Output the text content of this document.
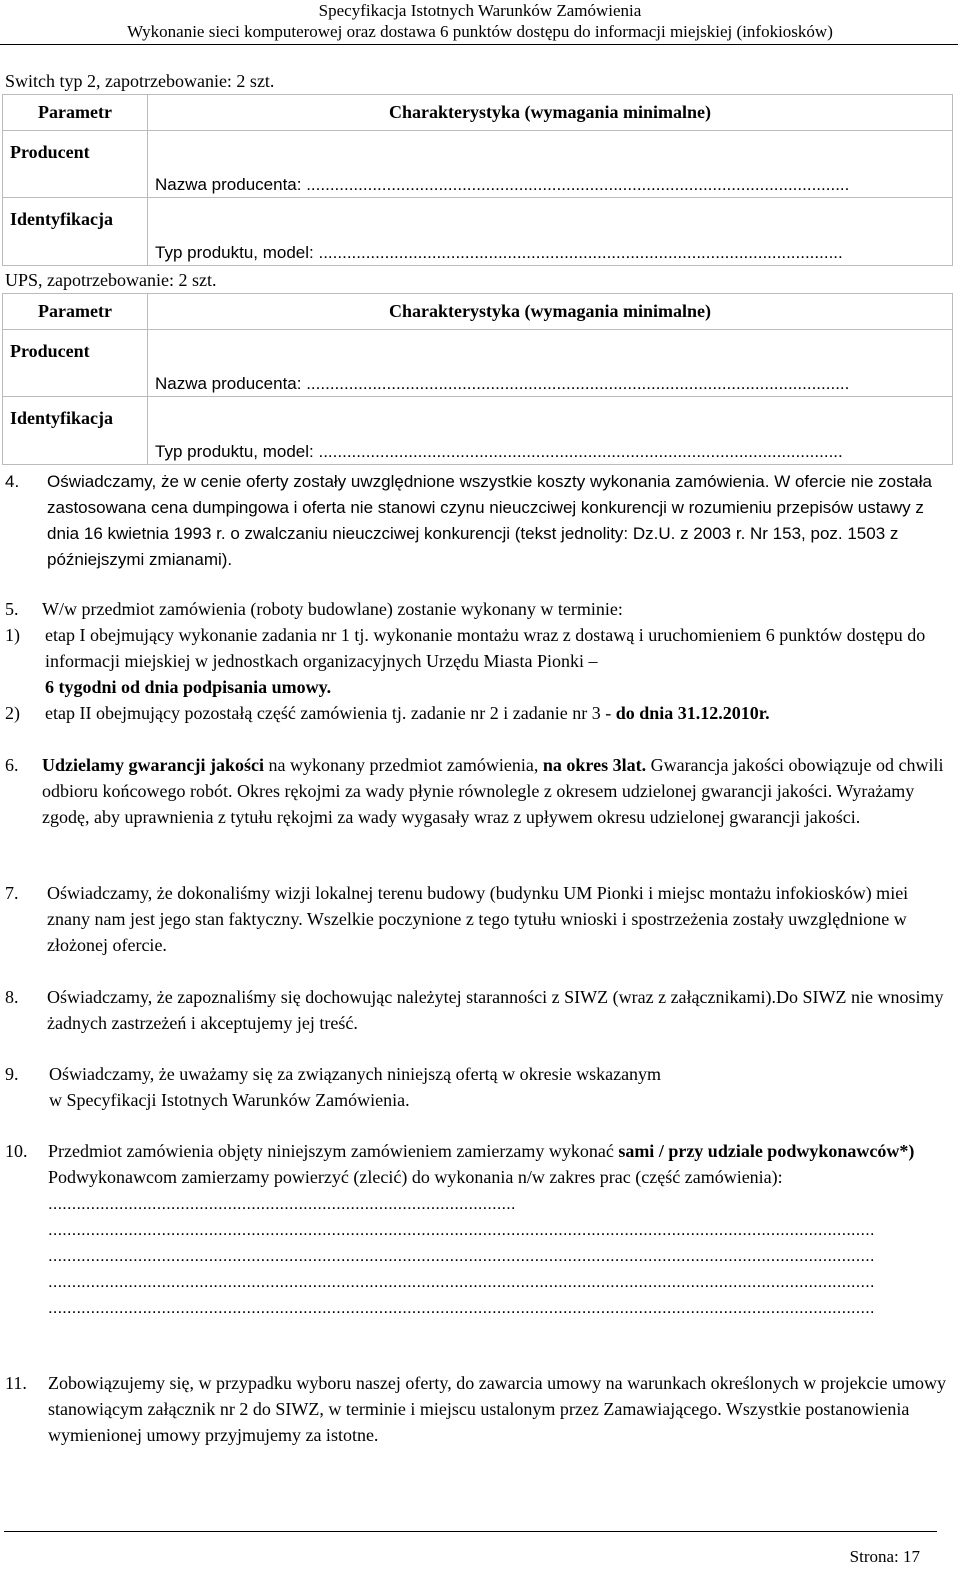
Specyfikacja Istotnych Warunków Zamówienia
Wykonanie sieci komputerowej oraz dostawa 6 punktów dostępu do informacji miejskiej (infokiosków)
Switch typ 2, zapotrzebowanie: 2 szt.
Parametr	Charakterystyka (wymagania minimalne)
Producent	Nazwa producenta: ...................................................................................................................
Identyfikacja	Typ produktu, model: ...............................................................................................................
UPS, zapotrzebowanie: 2 szt.
Parametr	Charakterystyka (wymagania minimalne)
Producent	Nazwa producenta: ...................................................................................................................
Identyfikacja	Typ produktu, model: ...............................................................................................................
4. Oświadczamy, że w cenie oferty zostały uwzględnione wszystkie koszty wykonania zamówienia. W ofercie nie została zastosowana cena dumpingowa i oferta nie stanowi czynu nieuczciwej konkurencji w rozumieniu przepisów ustawy z dnia 16 kwietnia 1993 r. o zwalczaniu nieuczciwej konkurencji (tekst jednolity: Dz.U. z 2003 r. Nr 153, poz. 1503 z późniejszymi zmianami).
5. W/w przedmiot zamówienia (roboty budowlane) zostanie wykonany w terminie:
1) etap I obejmujący wykonanie zadania nr 1 tj. wykonanie montażu wraz z dostawą i uruchomieniem 6 punktów dostępu do informacji miejskiej w jednostkach organizacyjnych Urzędu Miasta Pionki –
6 tygodni od dnia podpisania umowy.
2) etap II obejmujący pozostałą część zamówienia tj. zadanie nr 2 i zadanie nr 3 - do dnia 31.12.2010r.
6. Udzielamy gwarancji jakości na wykonany przedmiot zamówienia, na okres 3lat. Gwarancja jakości obowiązuje od chwili odbioru końcowego robót. Okres rękojmi za wady płynie równolegle z okresem udzielonej gwarancji jakości. Wyrażamy zgodę, aby uprawnienia z tytułu rękojmi za wady wygasały wraz z upływem okresu udzielonej gwarancji jakości.
7. Oświadczamy, że dokonaliśmy wizji lokalnej terenu budowy (budynku UM Pionki i miejsc montażu infokiosków) miei znany nam jest jego stan faktyczny. Wszelkie poczynione z tego tytułu wnioski i spostrzeżenia zostały uwzględnione w złożonej ofercie.
8. Oświadczamy, że zapoznaliśmy się dochowując należytej staranności z SIWZ (wraz z załącznikami).Do SIWZ nie wnosimy żadnych zastrzeżeń i akceptujemy jej treść.
9. Oświadczamy, że uważamy się za związanych niniejszą ofertą w okresie wskazanym
w Specyfikacji Istotnych Warunków Zamówienia.
10. Przedmiot zamówienia objęty niniejszym zamówieniem zamierzamy wykonać sami / przy udziale podwykonawców*)
Podwykonawcom zamierzamy powierzyć (zlecić) do wykonania n/w zakres prac (część zamówienia): ...................................................................................................
...............................................................................................................................................................................
...............................................................................................................................................................................
...............................................................................................................................................................................
...............................................................................................................................................................................
11. Zobowiązujemy się, w przypadku wyboru naszej oferty, do zawarcia umowy na warunkach określonych w projekcie umowy stanowiącym załącznik nr 2 do SIWZ, w terminie i miejscu ustalonym przez Zamawiającego. Wszystkie postanowienia wymienionej umowy przyjmujemy za istotne.
Strona: 17
